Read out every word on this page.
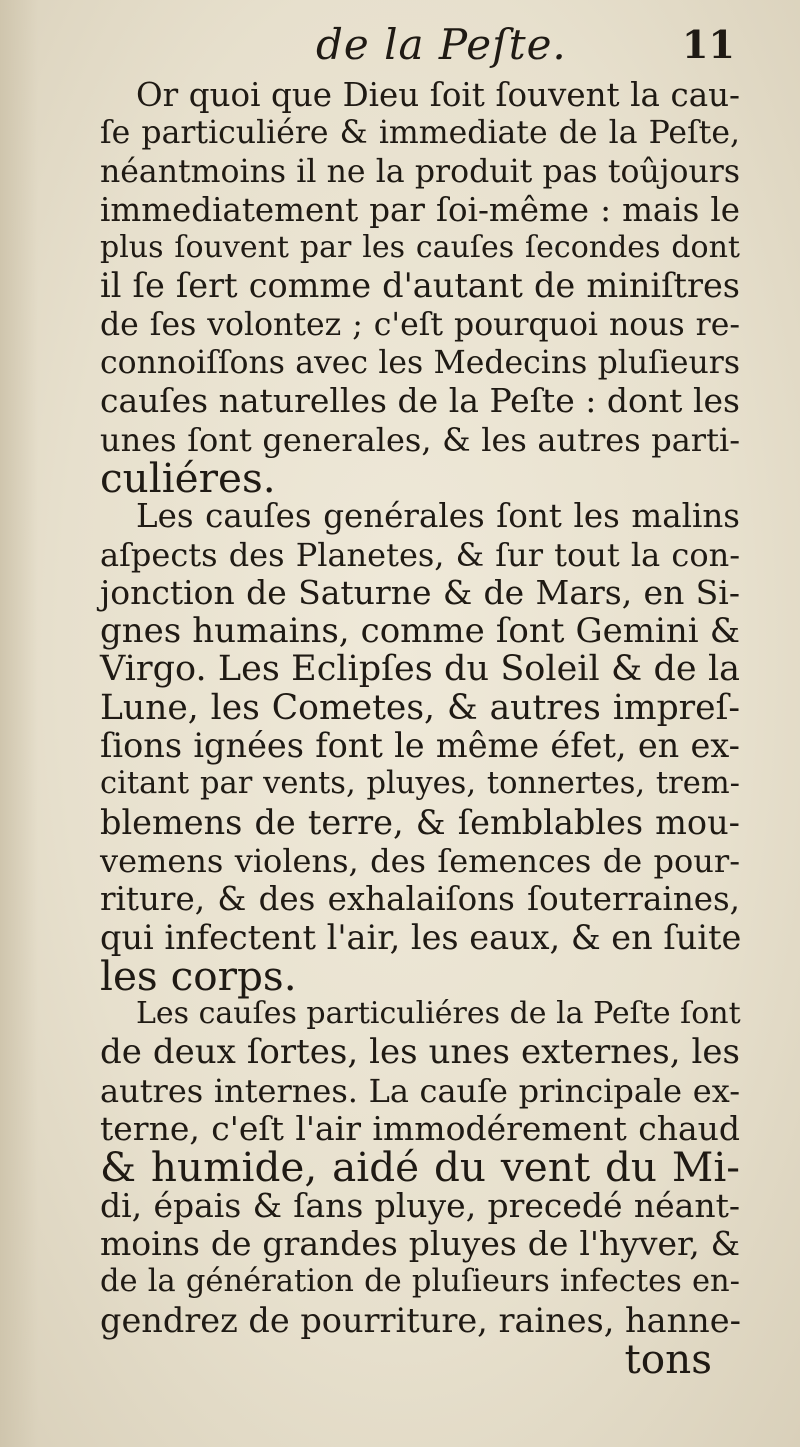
de la Peſte.	11
Or quoi que Dieu ſoit ſouvent la cau-
ſe particuliére & immediate de la Peſte,
néantmoins il ne la produit pas toûjours
immediatement par ſoi-même : mais le
plus ſouvent par les cauſes ſecondes dont
il ſe ſert comme d'autant de miniſtres
de ſes volontez ; c'eſt pourquoi nous re-
connoiſſons avec les Medecins pluſieurs
cauſes naturelles de la Peſte : dont les
unes ſont generales, & les autres parti-
culiéres.
Les cauſes genérales ſont les malins
aſpects des Planetes, & ſur tout la con-
jonction de Saturne & de Mars, en Si-
gnes humains, comme ſont Gemini &
Virgo. Les Eclipſes du Soleil & de la
Lune, les Cometes, & autres impreſ-
ſions ignées font le même éfet, en ex-
citant par vents, pluyes, tonnertes, trem-
blemens de terre, & ſemblables mou-
vemens violens, des ſemences de pour-
riture, & des exhalaiſons ſouterraines,
qui infectent l'air, les eaux, & en ſuite
les corps.
Les cauſes particuliéres de la Peſte ſont
de deux ſortes, les unes externes, les
autres internes. La cauſe principale ex-
terne, c'eſt l'air immodérement chaud
& humide, aidé du vent du Mi-
di, épais & ſans pluye, precedé néant-
moins de grandes pluyes de l'hyver, &
de la génération de pluſieurs infectes en-
gendrez de pourriture, raines, hanne-
tons
